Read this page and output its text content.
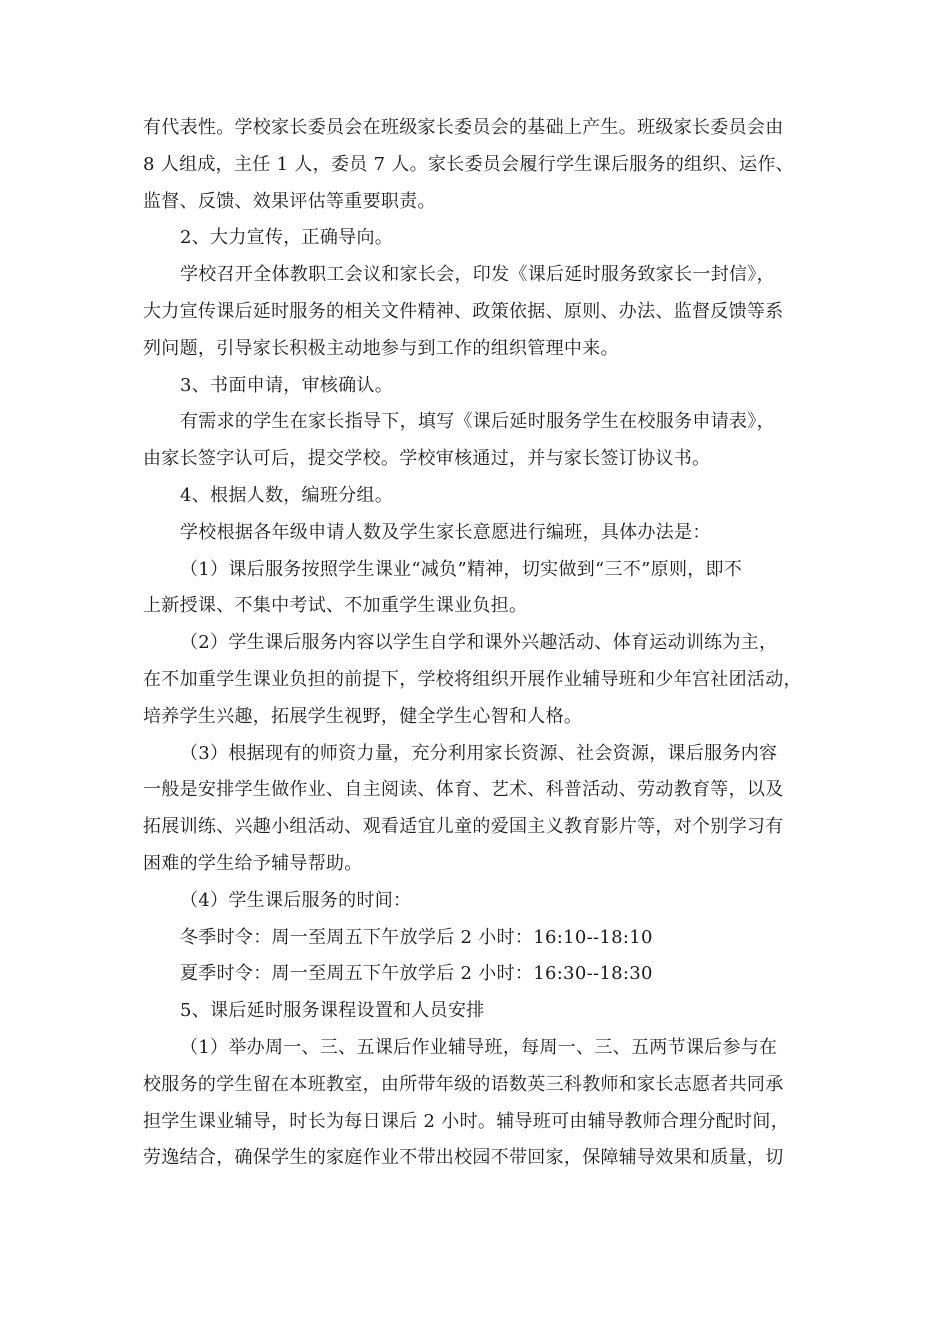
有代表性。学校家长委员会在班级家长委员会的基础上产生。班级家长委员会由
8 人组成，主任 1 人，委员 7 人。家长委员会履行学生课后服务的组织、运作、
监督、反馈、效果评估等重要职责。
2、大力宣传，正确导向。
学校召开全体教职工会议和家长会，印发《课后延时服务致家长一封信》，
大力宣传课后延时服务的相关文件精神、政策依据、原则、办法、监督反馈等系
列问题，引导家长积极主动地参与到工作的组织管理中来。
3、书面申请，审核确认。
有需求的学生在家长指导下，填写《课后延时服务学生在校服务申请表》，
由家长签字认可后，提交学校。学校审核通过，并与家长签订协议书。
4、根据人数，编班分组。
学校根据各年级申请人数及学生家长意愿进行编班，具体办法是：
（1）课后服务按照学生课业“减负”精神，切实做到“三不”原则，即不
上新授课、不集中考试、不加重学生课业负担。
（2）学生课后服务内容以学生自学和课外兴趣活动、体育运动训练为主，
在不加重学生课业负担的前提下，学校将组织开展作业辅导班和少年宫社团活动，
培养学生兴趣，拓展学生视野，健全学生心智和人格。
（3）根据现有的师资力量，充分利用家长资源、社会资源，课后服务内容
一般是安排学生做作业、自主阅读、体育、艺术、科普活动、劳动教育等，以及
拓展训练、兴趣小组活动、观看适宜儿童的爱国主义教育影片等，对个别学习有
困难的学生给予辅导帮助。
（4）学生课后服务的时间：
冬季时令：周一至周五下午放学后 2 小时：16:10--18:10
夏季时令：周一至周五下午放学后 2 小时：16:30--18:30
5、课后延时服务课程设置和人员安排
（1）举办周一、三、五课后作业辅导班，每周一、三、五两节课后参与在
校服务的学生留在本班教室，由所带年级的语数英三科教师和家长志愿者共同承
担学生课业辅导，时长为每日课后 2 小时。辅导班可由辅导教师合理分配时间，
劳逸结合，确保学生的家庭作业不带出校园不带回家，保障辅导效果和质量，切
